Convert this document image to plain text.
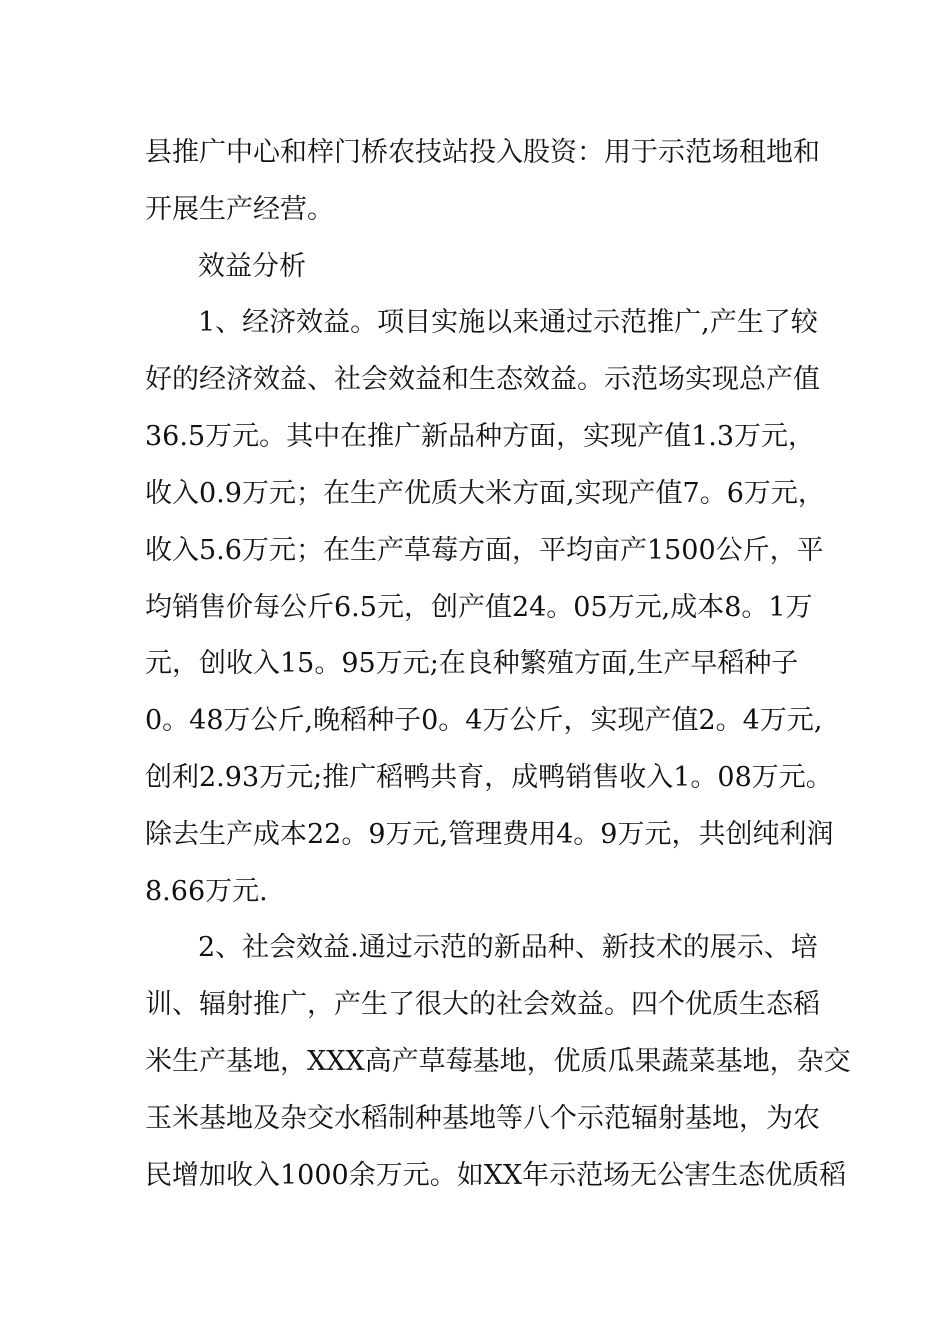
县推广中心和梓门桥农技站投入股资：用于示范场租地和
开展生产经营。
效益分析
1、经济效益。项目实施以来通过示范推广,产生了较
好的经济效益、社会效益和生态效益。示范场实现总产值
36.5万元。其中在推广新品种方面，实现产值1.3万元，
收入0.9万元；在生产优质大米方面,实现产值7。6万元，
收入5.6万元；在生产草莓方面，平均亩产1500公斤，平
均销售价每公斤6.5元，创产值24。05万元,成本8。1万
元，创收入15。95万元;在良种繁殖方面,生产早稻种子
0。48万公斤,晚稻种子0。4万公斤，实现产值2。4万元,
创利2.93万元;推广稻鸭共育，成鸭销售收入1。08万元。
除去生产成本22。9万元,管理费用4。9万元，共创纯利润
8.66万元.
2、社会效益.通过示范的新品种、新技术的展示、培
训、辐射推广，产生了很大的社会效益。四个优质生态稻
米生产基地，XXX高产草莓基地，优质瓜果蔬菜基地，杂交
玉米基地及杂交水稻制种基地等八个示范辐射基地，为农
民增加收入1000余万元。如XX年示范场无公害生态优质稻
